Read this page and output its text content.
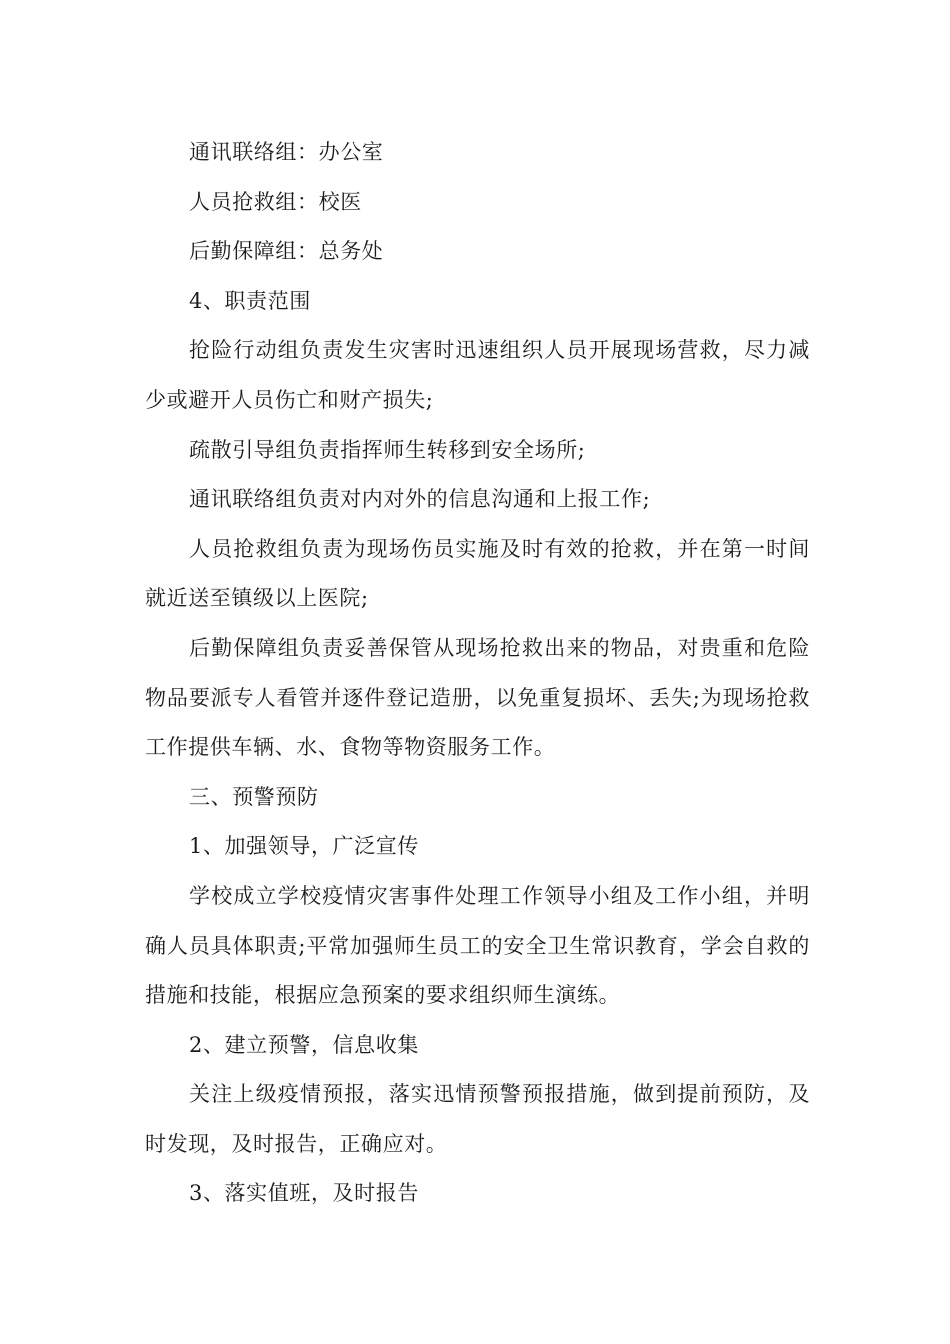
通讯联络组：办公室

人员抢救组：校医

后勤保障组：总务处

4、职责范围

抢险行动组负责发生灾害时迅速组织人员开展现场营救，尽力减少或避开人员伤亡和财产损失;

疏散引导组负责指挥师生转移到安全场所;

通讯联络组负责对内对外的信息沟通和上报工作;

人员抢救组负责为现场伤员实施及时有效的抢救，并在第一时间就近送至镇级以上医院;

后勤保障组负责妥善保管从现场抢救出来的物品，对贵重和危险物品要派专人看管并逐件登记造册，以免重复损坏、丢失;为现场抢救工作提供车辆、水、食物等物资服务工作。

三、预警预防

1、加强领导，广泛宣传

学校成立学校疫情灾害事件处理工作领导小组及工作小组，并明确人员具体职责;平常加强师生员工的安全卫生常识教育，学会自救的措施和技能，根据应急预案的要求组织师生演练。

2、建立预警，信息收集

关注上级疫情预报，落实迅情预警预报措施，做到提前预防，及时发现，及时报告，正确应对。

3、落实值班，及时报告
